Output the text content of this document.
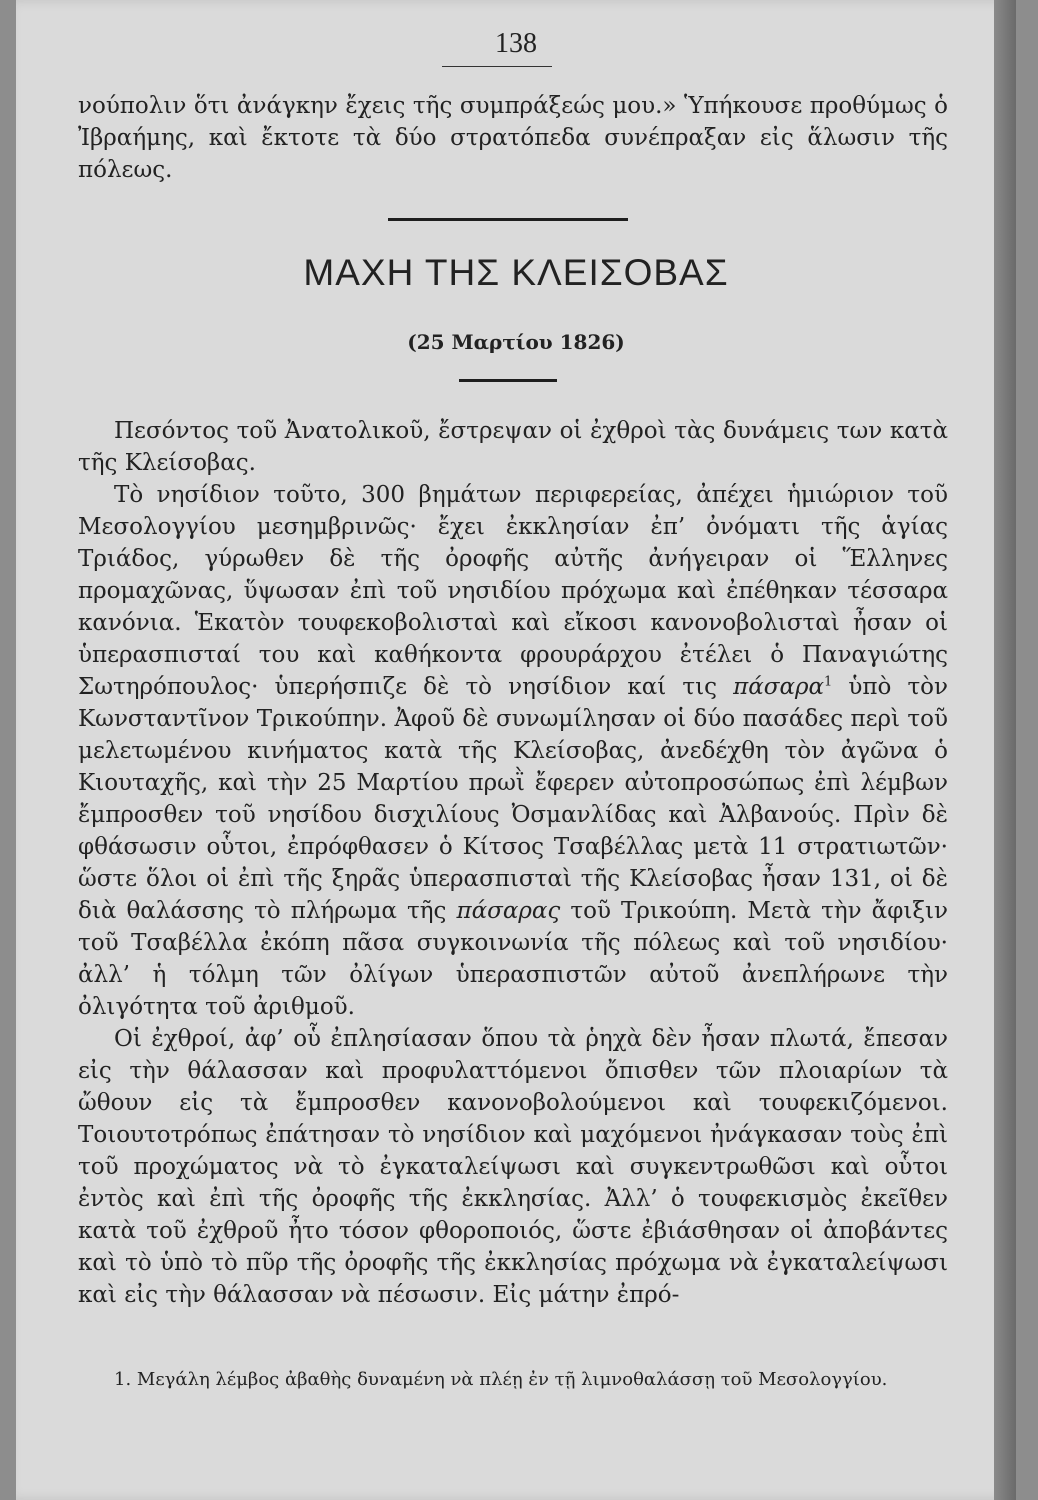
138

νούπολιν ὅτι ἀνάγκην ἔχεις τῆς συμπράξεώς μου.» Ὑπήκουσε προθύμως ὁ Ἰβραήμης, καὶ ἔκτοτε τὰ δύο στρατόπεδα συνέπραξαν εἰς ἅλωσιν τῆς πόλεως.

ΜΑΧΗ ΤΗΣ ΚΛΕΙΣΟΒΑΣ
(25 Μαρτίου 1826)

Πεσόντος τοῦ Ἀνατολικοῦ, ἔστρεψαν οἱ ἐχθροὶ τὰς δυνάμεις των κατὰ τῆς Κλείσοβας.

Τὸ νησίδιον τοῦτο, 300 βημάτων περιφερείας, ἀπέχει ἡμιώριον τοῦ Μεσολογγίου μεσημβρινῶς· ἔχει ἐκκλησίαν ἐπ’ ὀνόματι τῆς ἁγίας Τριάδος, γύρωθεν δὲ τῆς ὀροφῆς αὐτῆς ἀνήγειραν οἱ Ἕλληνες προμαχῶνας, ὕψωσαν ἐπὶ τοῦ νησιδίου πρόχωμα καὶ ἐπέθηκαν τέσσαρα κανόνια. Ἑκατὸν τουφεκοβολισταὶ καὶ εἴκοσι κανονοβολισταὶ ἦσαν οἱ ὑπερασπισταί του καὶ καθήκοντα φρουράρχου ἐτέλει ὁ Παναγιώτης Σωτηρόπουλος· ὑπερήσπιζε δὲ τὸ νησίδιον καί τις πάσαρα$^1$ ὑπὸ τὸν Κωνσταντῖνον Τρικούπην. Ἀφοῦ δὲ συνωμίλησαν οἱ δύο πασάδες περὶ τοῦ μελετωμένου κινήματος κατὰ τῆς Κλείσοβας, ἀνεδέχθη τὸν ἀγῶνα ὁ Κιουταχῆς, καὶ τὴν 25 Μαρτίου πρωῒ ἔφερεν αὐτοπροσώπως ἐπὶ λέμβων ἔμπροσθεν τοῦ νησίδου δισχιλίους Ὀσμανλίδας καὶ Ἀλβανούς. Πρὶν δὲ φθάσωσιν οὗτοι, ἐπρόφθασεν ὁ Κίτσος Τσαβέλλας μετὰ 11 στρατιωτῶν· ὥστε ὅλοι οἱ ἐπὶ τῆς ξηρᾶς ὑπερασπισταὶ τῆς Κλείσοβας ἦσαν 131, οἱ δὲ διὰ θαλάσσης τὸ πλήρωμα τῆς πάσαρας τοῦ Τρικούπη. Μετὰ τὴν ἄφιξιν τοῦ Τσαβέλλα ἐκόπη πᾶσα συγκοινωνία τῆς πόλεως καὶ τοῦ νησιδίου· ἀλλ’ ἡ τόλμη τῶν ὀλίγων ὑπερασπιστῶν αὐτοῦ ἀνεπλήρωνε τὴν ὀλιγότητα τοῦ ἀριθμοῦ.

Οἱ ἐχθροί, ἀφ’ οὗ ἐπλησίασαν ὅπου τὰ ῥηχὰ δὲν ἦσαν πλωτά, ἔπεσαν εἰς τὴν θάλασσαν καὶ προφυλαττόμενοι ὄπισθεν τῶν πλοιαρίων τὰ ὤθουν εἰς τὰ ἔμπροσθεν κανονοβολούμενοι καὶ τουφεκιζόμενοι. Τοιουτοτρόπως ἐπάτησαν τὸ νησίδιον καὶ μαχόμενοι ἠνάγκασαν τοὺς ἐπὶ τοῦ προχώματος νὰ τὸ ἐγκαταλείψωσι καὶ συγκεντρωθῶσι καὶ οὗτοι ἐντὸς καὶ ἐπὶ τῆς ὀροφῆς τῆς ἐκκλησίας. Ἀλλ’ ὁ τουφεκισμὸς ἐκεῖθεν κατὰ τοῦ ἐχθροῦ ἦτο τόσον φθοροποιός, ὥστε ἐβιάσθησαν οἱ ἀποβάντες καὶ τὸ ὑπὸ τὸ πῦρ τῆς ὀροφῆς τῆς ἐκκλησίας πρόχωμα νὰ ἐγκαταλείψωσι καὶ εἰς τὴν θάλασσαν νὰ πέσωσιν. Εἰς μάτην ἐπρό-

1. Μεγάλη λέμβος ἀβαθὴς δυναμένη νὰ πλέῃ ἐν τῇ λιμνοθαλάσσῃ τοῦ Μεσολογγίου.
